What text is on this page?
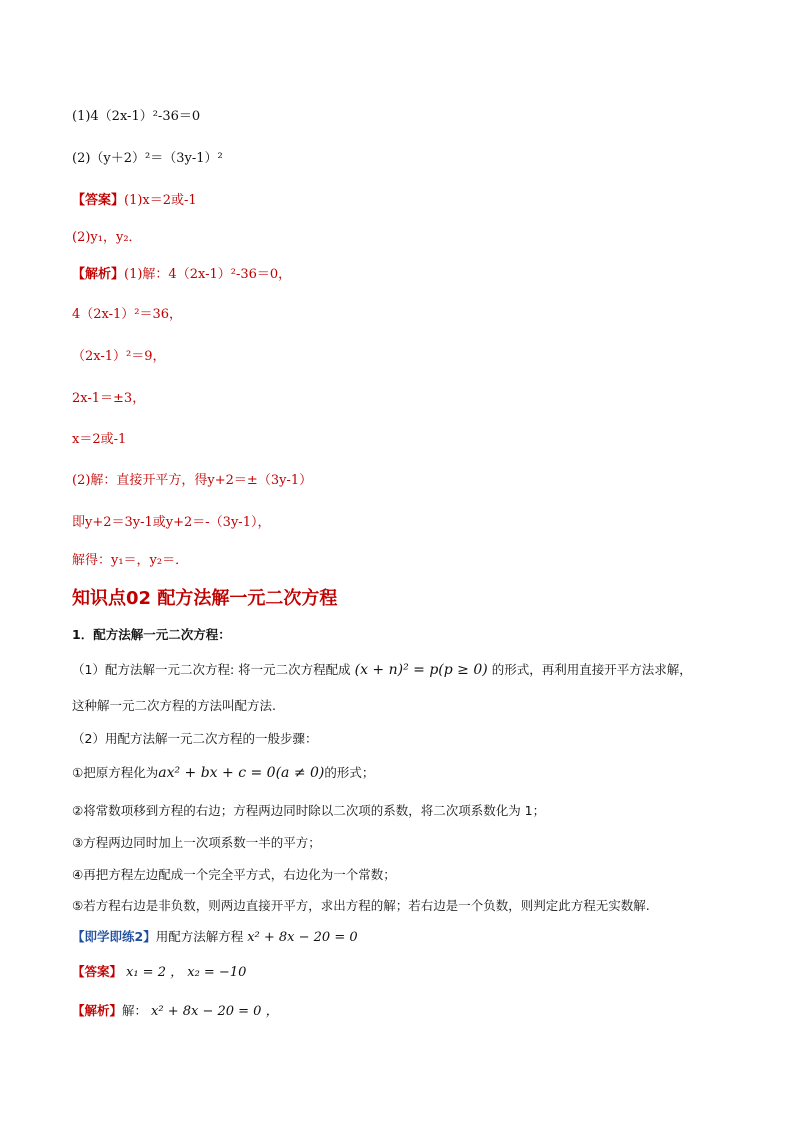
(1)4（2x-1）²-36＝0
(2)（y＋2）²＝（3y-1）²
【答案】(1)x＝2或-1
(2)y₁，y₂．
【解析】(1)解：4（2x-1）²-36＝0，
4（2x-1）²＝36，
（2x-1）²＝9，
2x-1＝±3，
x＝2或-1
(2)解：直接开平方，得y+2＝±（3y-1）
即y+2＝3y-1或y+2＝-（3y-1），
解得：y₁＝，y₂＝．
知识点02 配方法解一元二次方程
1．配方法解一元二次方程：
（1）配方法解一元二次方程: 将一元二次方程配成 (x + n)² = p(p ≥ 0) 的形式，再利用直接开平方法求解，
这种解一元二次方程的方法叫配方法.
（2）用配方法解一元二次方程的一般步骤：
①把原方程化为ax² + bx + c = 0(a ≠ 0)的形式；
②将常数项移到方程的右边；方程两边同时除以二次项的系数，将二次项系数化为 1；
③方程两边同时加上一次项系数一半的平方；
④再把方程左边配成一个完全平方式，右边化为一个常数；
⑤若方程右边是非负数，则两边直接开平方，求出方程的解；若右边是一个负数，则判定此方程无实数解.
【即学即练2】用配方法解方程 x² + 8x − 20 = 0
【答案】 x₁ = 2 ， x₂ = −10
【解析】解： x² + 8x − 20 = 0 ，
